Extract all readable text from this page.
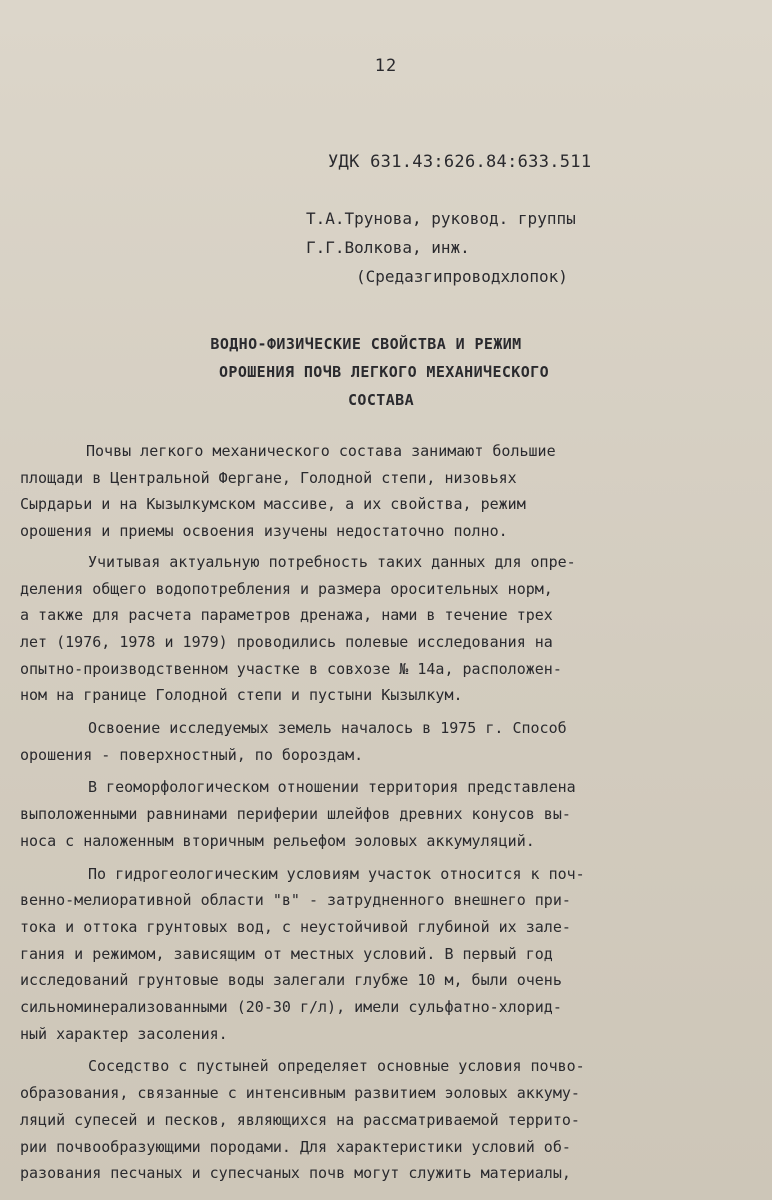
12
УДК 631.43:626.84:633.511
Т.А.Трунова, руковод. группы
Г.Г.Волкова, инж.
(Средазгипроводхлопок)
ВОДНО-ФИЗИЧЕСКИЕ СВОЙСТВА И РЕЖИМ
ОРОШЕНИЯ ПОЧВ ЛЕГКОГО МЕХАНИЧЕСКОГО
СОСТАВА
Почвы легкого механического состава занимают большие
площади в Центральной Фергане, Голодной степи, низовьях
Сырдарьи и на Кызылкумском массиве, а их свойства, режим
орошения и приемы освоения изучены недостаточно полно.
Учитывая актуальную потребность таких данных для опре-
деления общего водопотребления и размера оросительных норм,
а также для расчета параметров дренажа, нами в течение трех
лет (1976, 1978 и 1979) проводились полевые исследования на
опытно-производственном участке в совхозе № 14а, расположен-
ном на границе Голодной степи и пустыни Кызылкум.
Освоение исследуемых земель началось в 1975 г. Способ
орошения - поверхностный, по бороздам.
В геоморфологическом отношении территория представлена
выположенными равнинами периферии шлейфов древних конусов вы-
носа с наложенным вторичным рельефом эоловых аккумуляций.
По гидрогеологическим условиям участок относится к поч-
венно-мелиоративной области "в" - затрудненного внешнего при-
тока и оттока грунтовых вод, с неустойчивой глубиной их зале-
гания и режимом, зависящим от местных условий. В первый год
исследований грунтовые воды залегали глубже 10 м, были очень
сильноминерализованными (20-30 г/л), имели сульфатно-хлорид-
ный характер засоления.
Соседство с пустыней определяет основные условия почво-
образования, связанные с интенсивным развитием эоловых аккуму-
ляций супесей и песков, являющихся на рассматриваемой террито-
рии почвообразующими породами. Для характеристики условий об-
разования песчаных и супесчаных почв могут служить материалы,
